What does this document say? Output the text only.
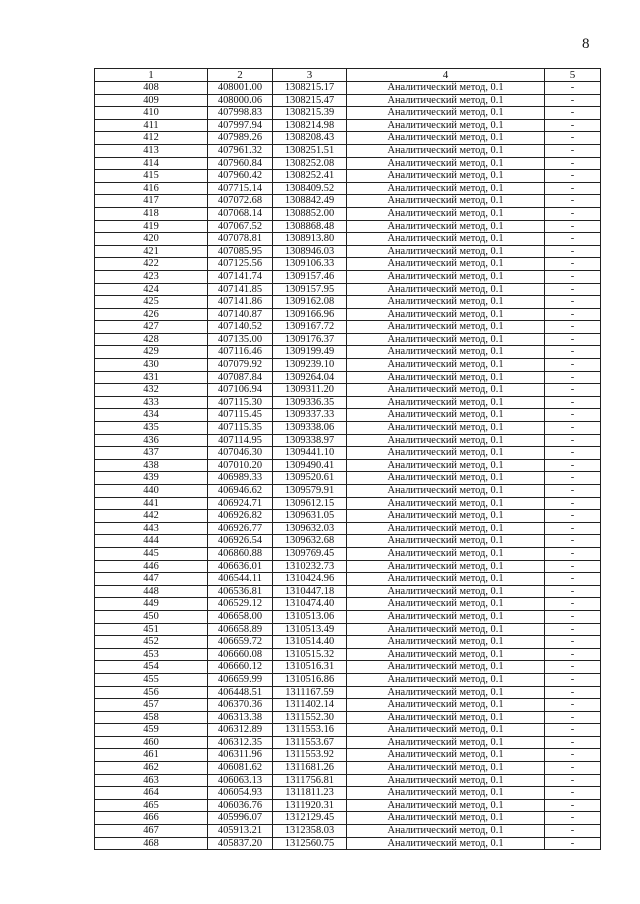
8
1	2	3	4	5
408	408001.00	1308215.17	Аналитический метод, 0.1	-
409	408000.06	1308215.47	Аналитический метод, 0.1	-
410	407998.83	1308215.39	Аналитический метод, 0.1	-
411	407997.94	1308214.98	Аналитический метод, 0.1	-
412	407989.26	1308208.43	Аналитический метод, 0.1	-
413	407961.32	1308251.51	Аналитический метод, 0.1	-
414	407960.84	1308252.08	Аналитический метод, 0.1	-
415	407960.42	1308252.41	Аналитический метод, 0.1	-
416	407715.14	1308409.52	Аналитический метод, 0.1	-
417	407072.68	1308842.49	Аналитический метод, 0.1	-
418	407068.14	1308852.00	Аналитический метод, 0.1	-
419	407067.52	1308868.48	Аналитический метод, 0.1	-
420	407078.81	1308913.80	Аналитический метод, 0.1	-
421	407085.95	1308946.03	Аналитический метод, 0.1	-
422	407125.56	1309106.33	Аналитический метод, 0.1	-
423	407141.74	1309157.46	Аналитический метод, 0.1	-
424	407141.85	1309157.95	Аналитический метод, 0.1	-
425	407141.86	1309162.08	Аналитический метод, 0.1	-
426	407140.87	1309166.96	Аналитический метод, 0.1	-
427	407140.52	1309167.72	Аналитический метод, 0.1	-
428	407135.00	1309176.37	Аналитический метод, 0.1	-
429	407116.46	1309199.49	Аналитический метод, 0.1	-
430	407079.92	1309239.10	Аналитический метод, 0.1	-
431	407087.84	1309264.04	Аналитический метод, 0.1	-
432	407106.94	1309311.20	Аналитический метод, 0.1	-
433	407115.30	1309336.35	Аналитический метод, 0.1	-
434	407115.45	1309337.33	Аналитический метод, 0.1	-
435	407115.35	1309338.06	Аналитический метод, 0.1	-
436	407114.95	1309338.97	Аналитический метод, 0.1	-
437	407046.30	1309441.10	Аналитический метод, 0.1	-
438	407010.20	1309490.41	Аналитический метод, 0.1	-
439	406989.33	1309520.61	Аналитический метод, 0.1	-
440	406946.62	1309579.91	Аналитический метод, 0.1	-
441	406924.71	1309612.15	Аналитический метод, 0.1	-
442	406926.82	1309631.05	Аналитический метод, 0.1	-
443	406926.77	1309632.03	Аналитический метод, 0.1	-
444	406926.54	1309632.68	Аналитический метод, 0.1	-
445	406860.88	1309769.45	Аналитический метод, 0.1	-
446	406636.01	1310232.73	Аналитический метод, 0.1	-
447	406544.11	1310424.96	Аналитический метод, 0.1	-
448	406536.81	1310447.18	Аналитический метод, 0.1	-
449	406529.12	1310474.40	Аналитический метод, 0.1	-
450	406658.00	1310513.06	Аналитический метод, 0.1	-
451	406658.89	1310513.49	Аналитический метод, 0.1	-
452	406659.72	1310514.40	Аналитический метод, 0.1	-
453	406660.08	1310515.32	Аналитический метод, 0.1	-
454	406660.12	1310516.31	Аналитический метод, 0.1	-
455	406659.99	1310516.86	Аналитический метод, 0.1	-
456	406448.51	1311167.59	Аналитический метод, 0.1	-
457	406370.36	1311402.14	Аналитический метод, 0.1	-
458	406313.38	1311552.30	Аналитический метод, 0.1	-
459	406312.89	1311553.16	Аналитический метод, 0.1	-
460	406312.35	1311553.67	Аналитический метод, 0.1	-
461	406311.96	1311553.92	Аналитический метод, 0.1	-
462	406081.62	1311681.26	Аналитический метод, 0.1	-
463	406063.13	1311756.81	Аналитический метод, 0.1	-
464	406054.93	1311811.23	Аналитический метод, 0.1	-
465	406036.76	1311920.31	Аналитический метод, 0.1	-
466	405996.07	1312129.45	Аналитический метод, 0.1	-
467	405913.21	1312358.03	Аналитический метод, 0.1	-
468	405837.20	1312560.75	Аналитический метод, 0.1	-
